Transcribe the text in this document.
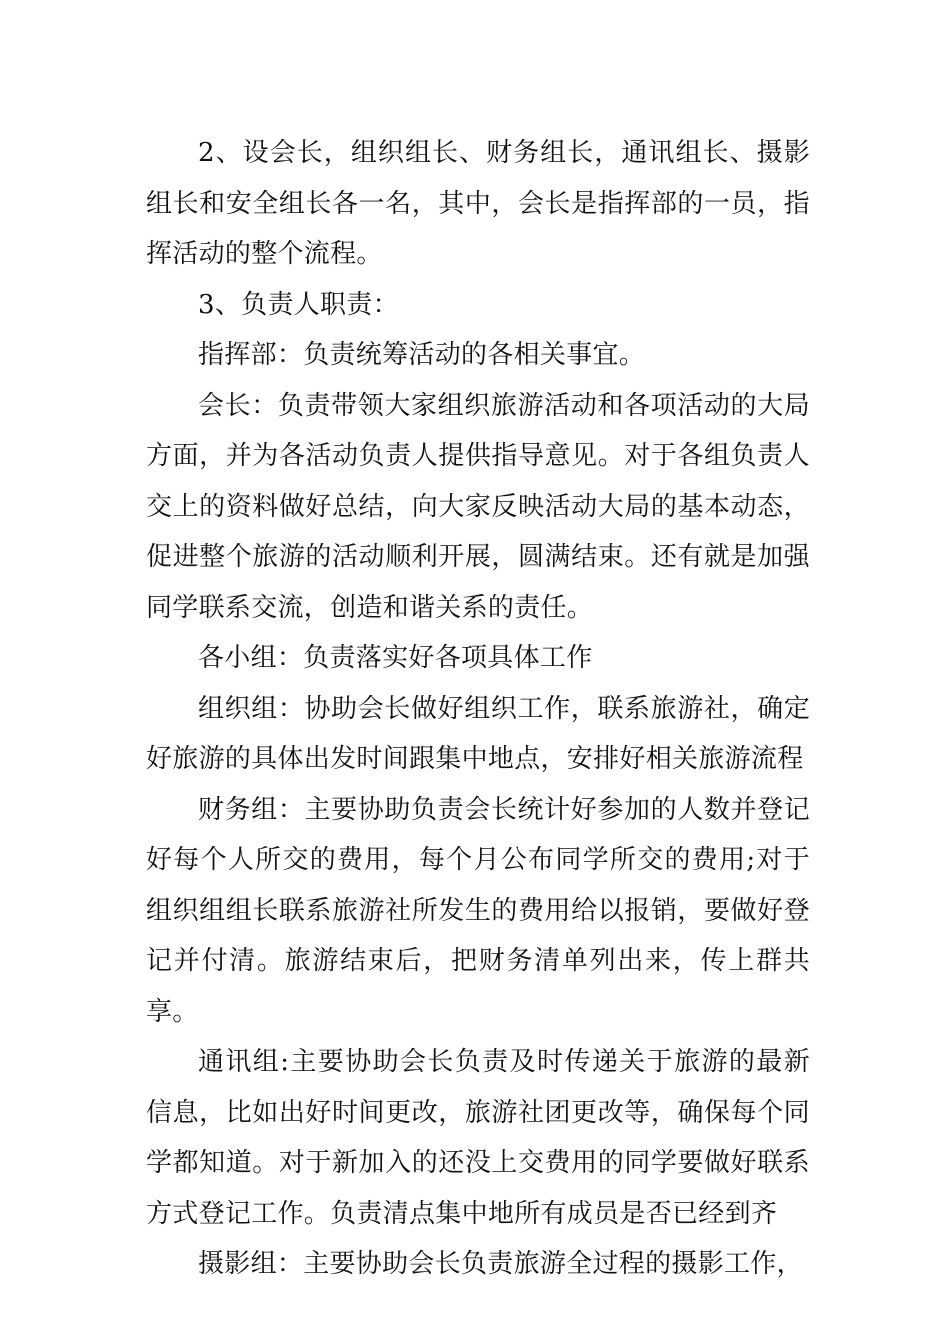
2、设会长，组织组长、财务组长，通讯组长、摄影组长和安全组长各一名，其中，会长是指挥部的一员，指挥活动的整个流程。

3、负责人职责：

指挥部：负责统筹活动的各相关事宜。

会长：负责带领大家组织旅游活动和各项活动的大局方面，并为各活动负责人提供指导意见。对于各组负责人交上的资料做好总结，向大家反映活动大局的基本动态，促进整个旅游的活动顺利开展，圆满结束。还有就是加强同学联系交流，创造和谐关系的责任。

各小组：负责落实好各项具体工作

组织组：协助会长做好组织工作，联系旅游社，确定好旅游的具体出发时间跟集中地点，安排好相关旅游流程

财务组：主要协助负责会长统计好参加的人数并登记好每个人所交的费用，每个月公布同学所交的费用;对于组织组组长联系旅游社所发生的费用给以报销，要做好登记并付清。旅游结束后，把财务清单列出来，传上群共享。

通讯组:主要协助会长负责及时传递关于旅游的最新信息，比如出好时间更改，旅游社团更改等，确保每个同学都知道。对于新加入的还没上交费用的同学要做好联系方式登记工作。负责清点集中地所有成员是否已经到齐

摄影组：主要协助会长负责旅游全过程的摄影工作，
